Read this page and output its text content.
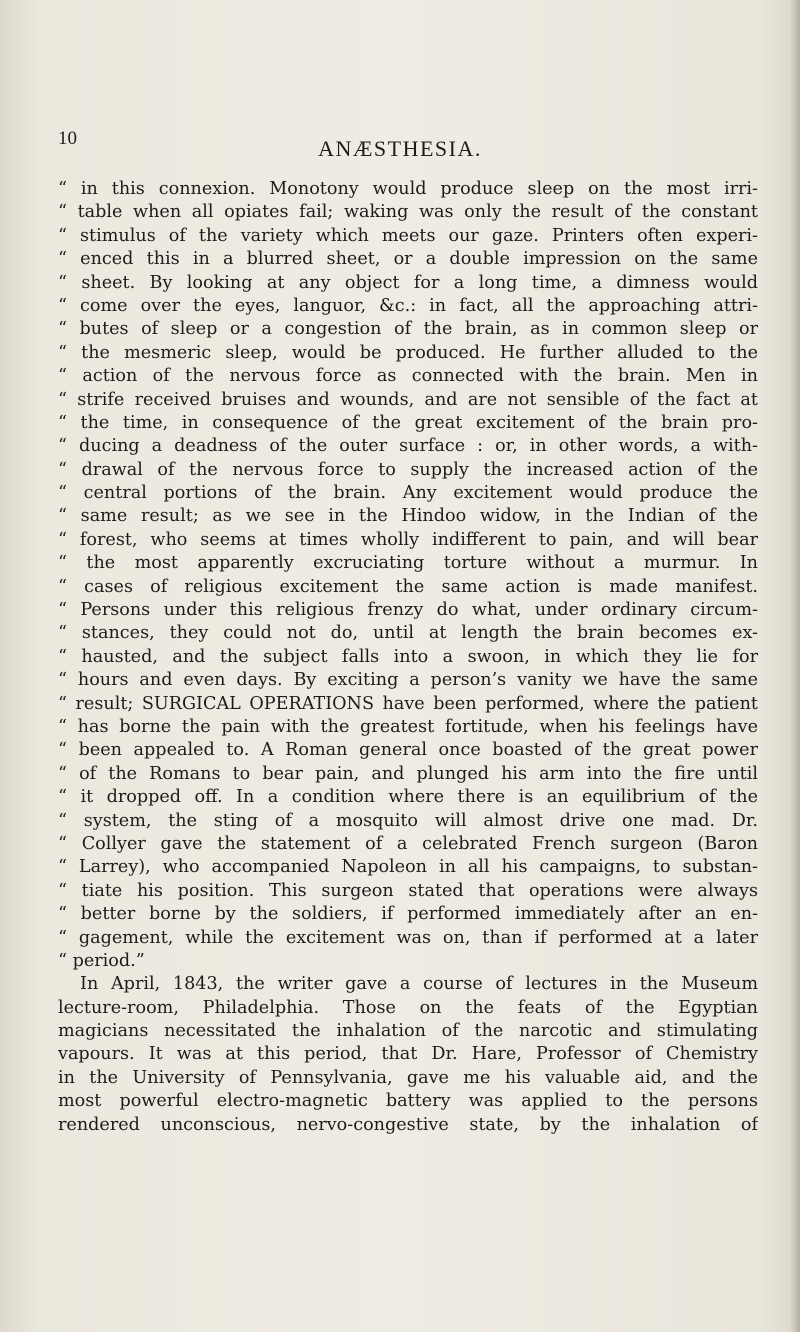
10	ANÆSTHESIA.
“ in this connexion. Monotony would produce sleep on the most irri-
“ table when all opiates fail; waking was only the result of the constant
“ stimulus of the variety which meets our gaze. Printers often experi-
“ enced this in a blurred sheet, or a double impression on the same
“ sheet. By looking at any object for a long time, a dimness would
“ come over the eyes, languor, &c.: in fact, all the approaching attri-
“ butes of sleep or a congestion of the brain, as in common sleep or
“ the mesmeric sleep, would be produced. He further alluded to the
“ action of the nervous force as connected with the brain. Men in
“ strife received bruises and wounds, and are not sensible of the fact at
“ the time, in consequence of the great excitement of the brain pro-
“ ducing a deadness of the outer surface : or, in other words, a with-
“ drawal of the nervous force to supply the increased action of the
“ central portions of the brain. Any excitement would produce the
“ same result; as we see in the Hindoo widow, in the Indian of the
“ forest, who seems at times wholly indifferent to pain, and will bear
“ the most apparently excruciating torture without a murmur. In
“ cases of religious excitement the same action is made manifest.
“ Persons under this religious frenzy do what, under ordinary circum-
“ stances, they could not do, until at length the brain becomes ex-
“ hausted, and the subject falls into a swoon, in which they lie for
“ hours and even days. By exciting a person’s vanity we have the same
“ result; SURGICAL OPERATIONS have been performed, where the patient
“ has borne the pain with the greatest fortitude, when his feelings have
“ been appealed to. A Roman general once boasted of the great power
“ of the Romans to bear pain, and plunged his arm into the fire until
“ it dropped off. In a condition where there is an equilibrium of the
“ system, the sting of a mosquito will almost drive one mad. Dr.
“ Collyer gave the statement of a celebrated French surgeon (Baron
“ Larrey), who accompanied Napoleon in all his campaigns, to substan-
“ tiate his position. This surgeon stated that operations were always
“ better borne by the soldiers, if performed immediately after an en-
“ gagement, while the excitement was on, than if performed at a later
“ period.”
In April, 1843, the writer gave a course of lectures in the Museum
lecture-room, Philadelphia. Those on the feats of the Egyptian
magicians necessitated the inhalation of the narcotic and stimulating
vapours. It was at this period, that Dr. Hare, Professor of Chemistry
in the University of Pennsylvania, gave me his valuable aid, and the
most powerful electro-magnetic battery was applied to the persons
rendered unconscious, nervo-congestive state, by the inhalation of
